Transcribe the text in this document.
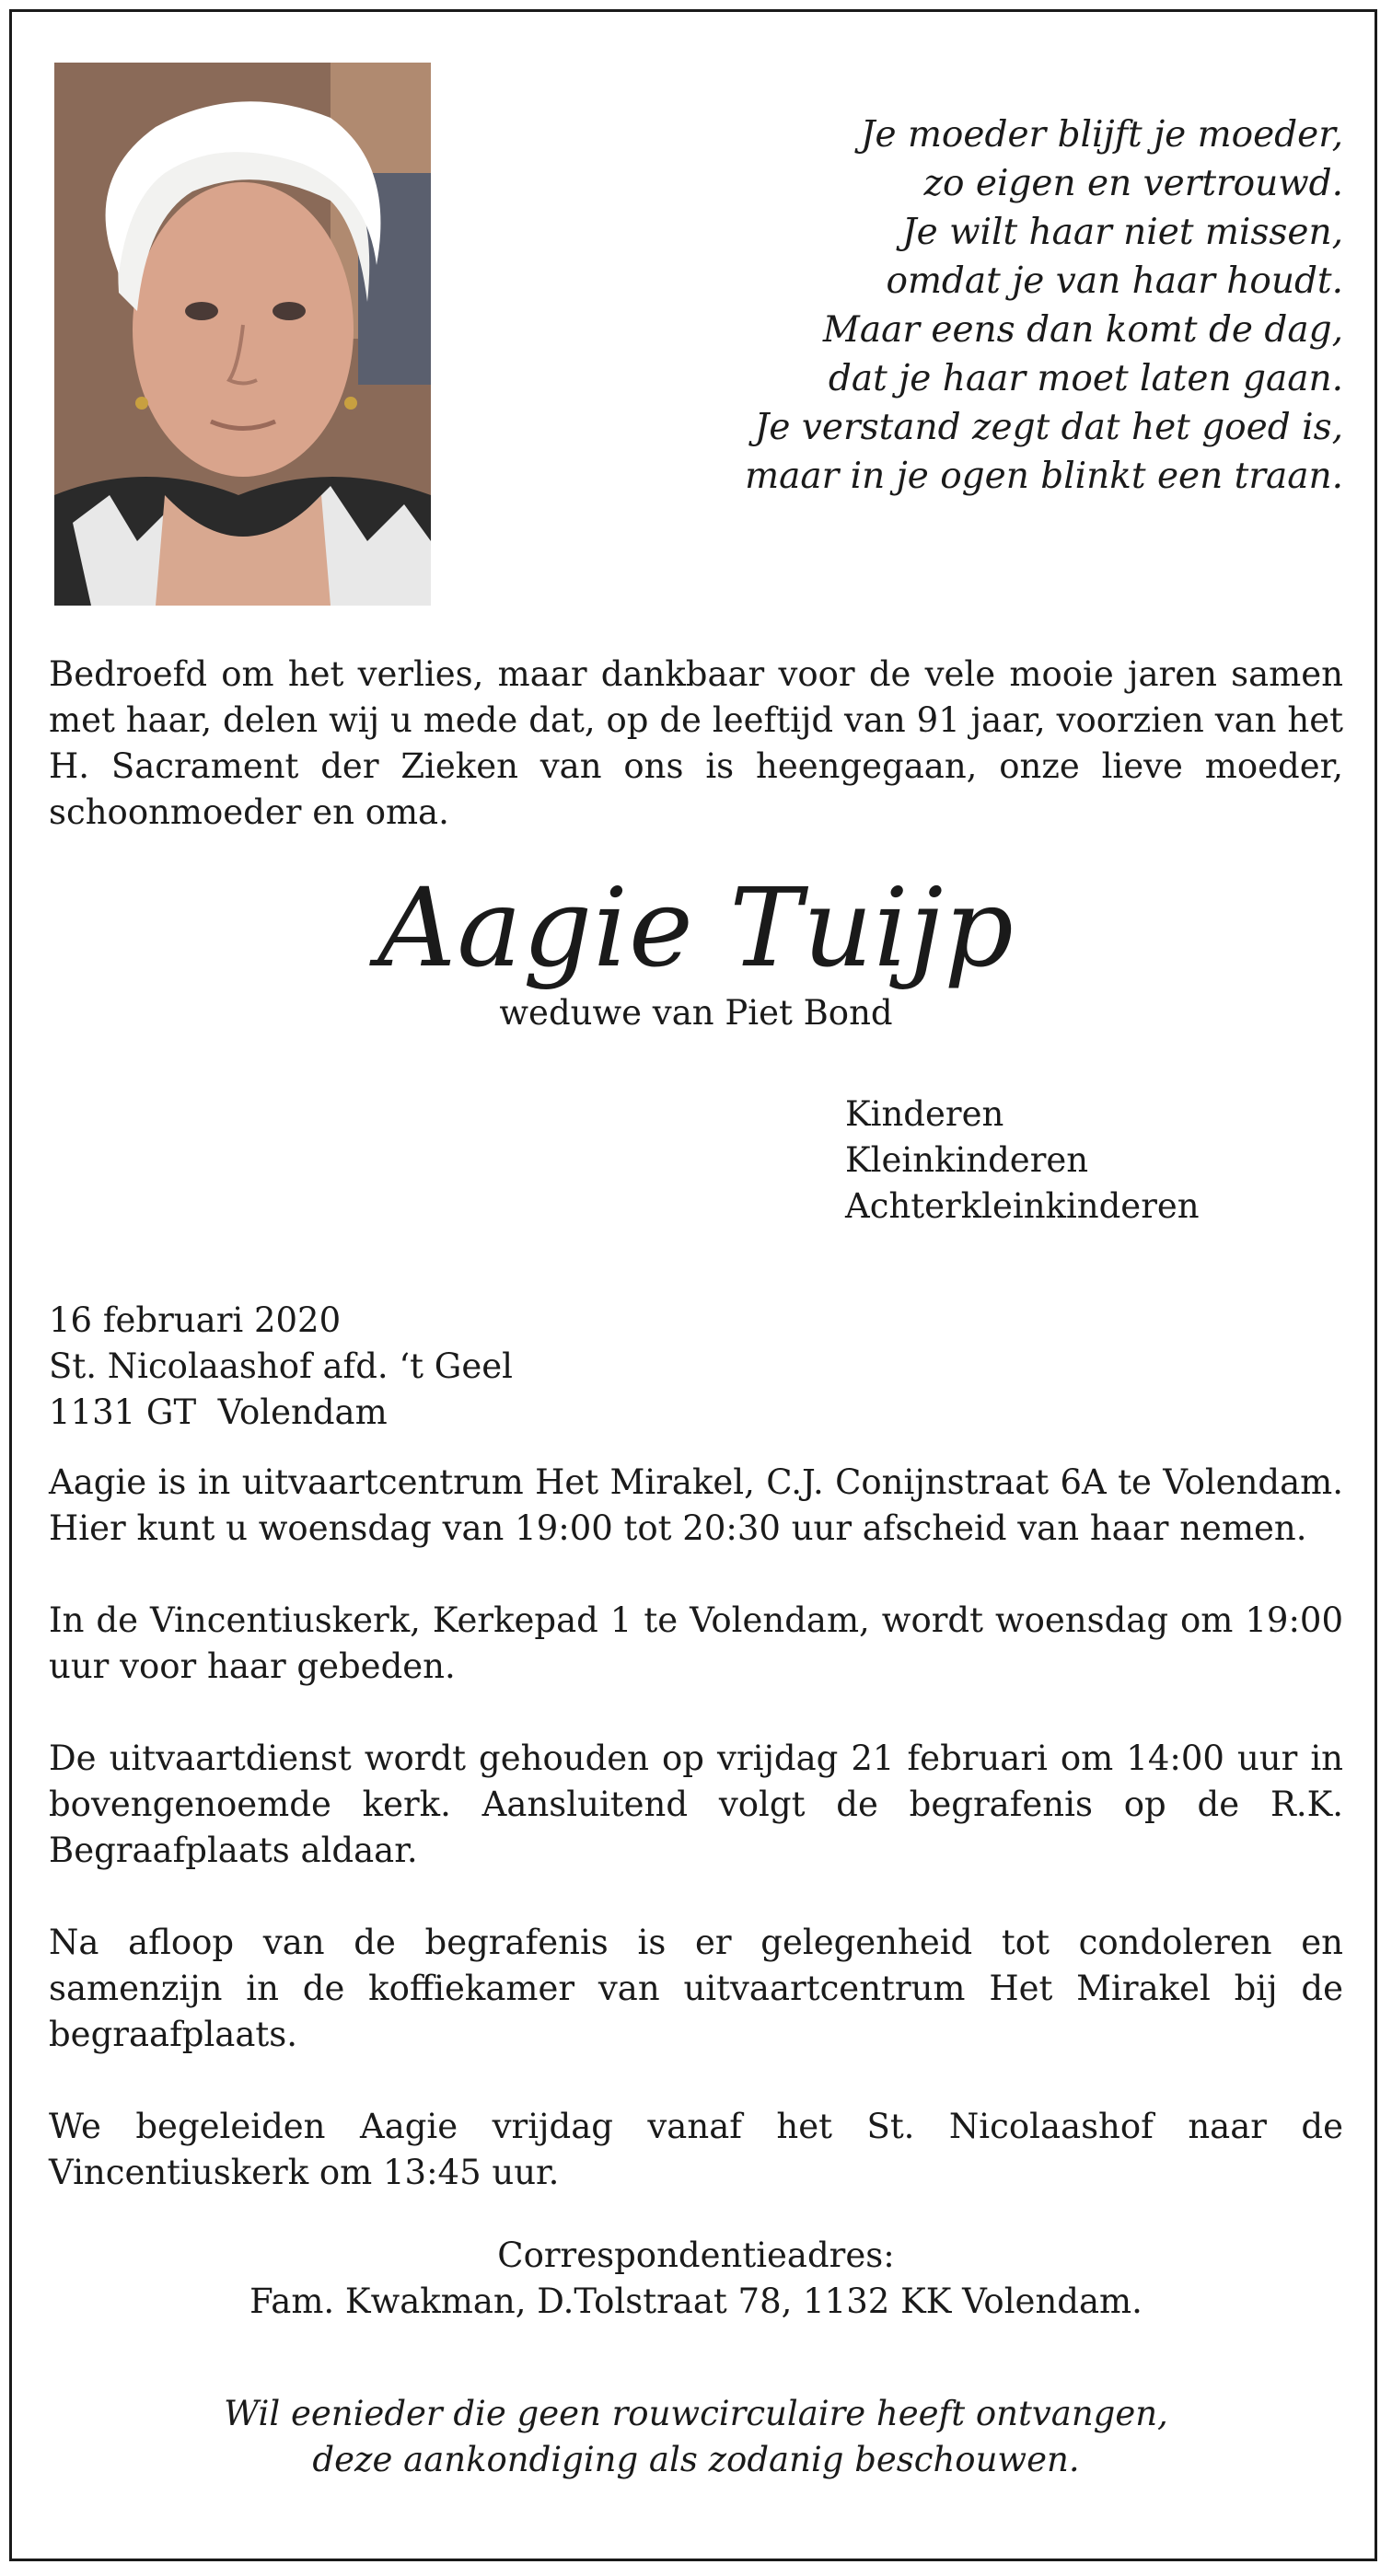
Je moeder blijft je moeder,
zo eigen en vertrouwd.
Je wilt haar niet missen,
omdat je van haar houdt.
Maar eens dan komt de dag,
dat je haar moet laten gaan.
Je verstand zegt dat het goed is,
maar in je ogen blinkt een traan.

Bedroefd om het verlies, maar dankbaar voor de vele mooie jaren samen met haar, delen wij u mede dat, op de leeftijd van 91 jaar, voorzien van het H. Sacrament der Zieken van ons is heengegaan, onze lieve moeder, schoonmoeder en oma.

Aagie Tuijp
weduwe van Piet Bond
Kinderen
Kleinkinderen
Achterkleinkinderen
16 februari 2020
St. Nicolaashof afd. ‘t Geel
1131 GT  Volendam

Aagie is in uitvaartcentrum Het Mirakel, C.J. Conijnstraat 6A te Volendam. Hier kunt u woensdag van 19:00 tot 20:30 uur afscheid van haar nemen.

In de Vincentiuskerk, Kerkepad 1 te Volendam, wordt woensdag om 19:00 uur voor haar gebeden.

De uitvaartdienst wordt gehouden op vrijdag 21 februari om 14:00 uur in bovengenoemde kerk. Aansluitend volgt de begrafenis op de R.K. Begraafplaats aldaar.

Na afloop van de begrafenis is er gelegenheid tot condoleren en samenzijn in de koffiekamer van uitvaartcentrum Het Mirakel bij de begraafplaats.

We begeleiden Aagie vrijdag vanaf het St. Nicolaashof naar de Vincentiuskerk om 13:45 uur.

Correspondentieadres:
Fam. Kwakman, D.Tolstraat 78, 1132 KK Volendam.
Wil eenieder die geen rouwcirculaire heeft ontvangen,
deze aankondiging als zodanig beschouwen.
